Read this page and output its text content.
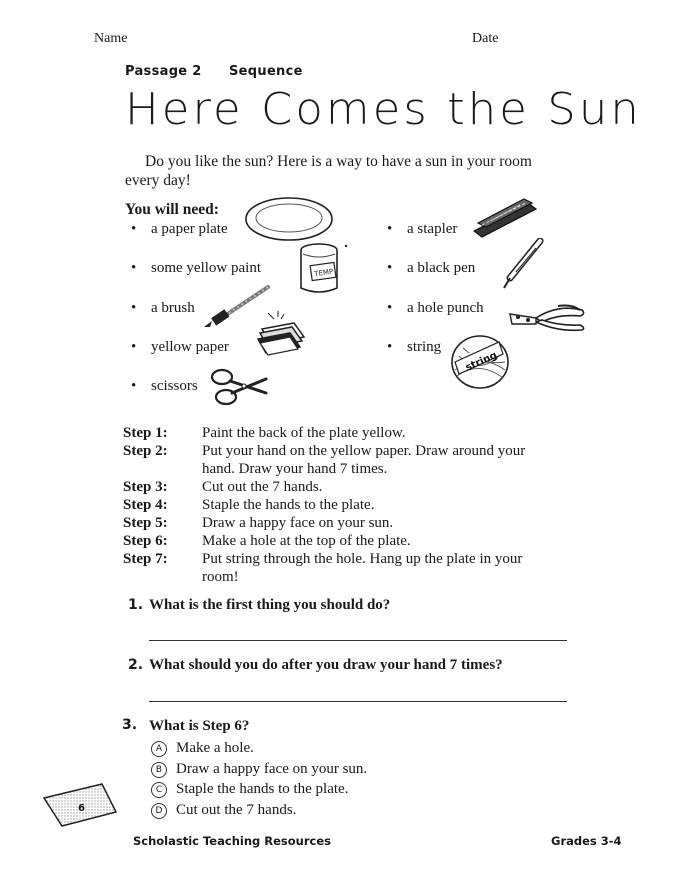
Name	Date
Passage 2 Sequence
Here Comes the Sun
Do you like the sun? Here is a way to have a sun in your room every day!
You will need:
• a paper plate
• some yellow paint
• a brush
• yellow paper
• scissors
• a stapler
• a black pen
• a hole punch
• string
TEMP
string
Step 1:	Paint the back of the plate yellow.
Step 2:	Put your hand on the yellow paper. Draw around your hand. Draw your hand 7 times.
Step 3:	Cut out the 7 hands.
Step 4:	Staple the hands to the plate.
Step 5:	Draw a happy face on your sun.
Step 6:	Make a hole at the top of the plate.
Step 7:	Put string through the hole. Hang up the plate in your room!
1. What is the first thing you should do?
2. What should you do after you draw your hand 7 times?
3. What is Step 6?
A Make a hole.
B Draw a happy face on your sun.
C Staple the hands to the plate.
D Cut out the 7 hands.
6
Scholastic Teaching Resources	Grades 3-4
